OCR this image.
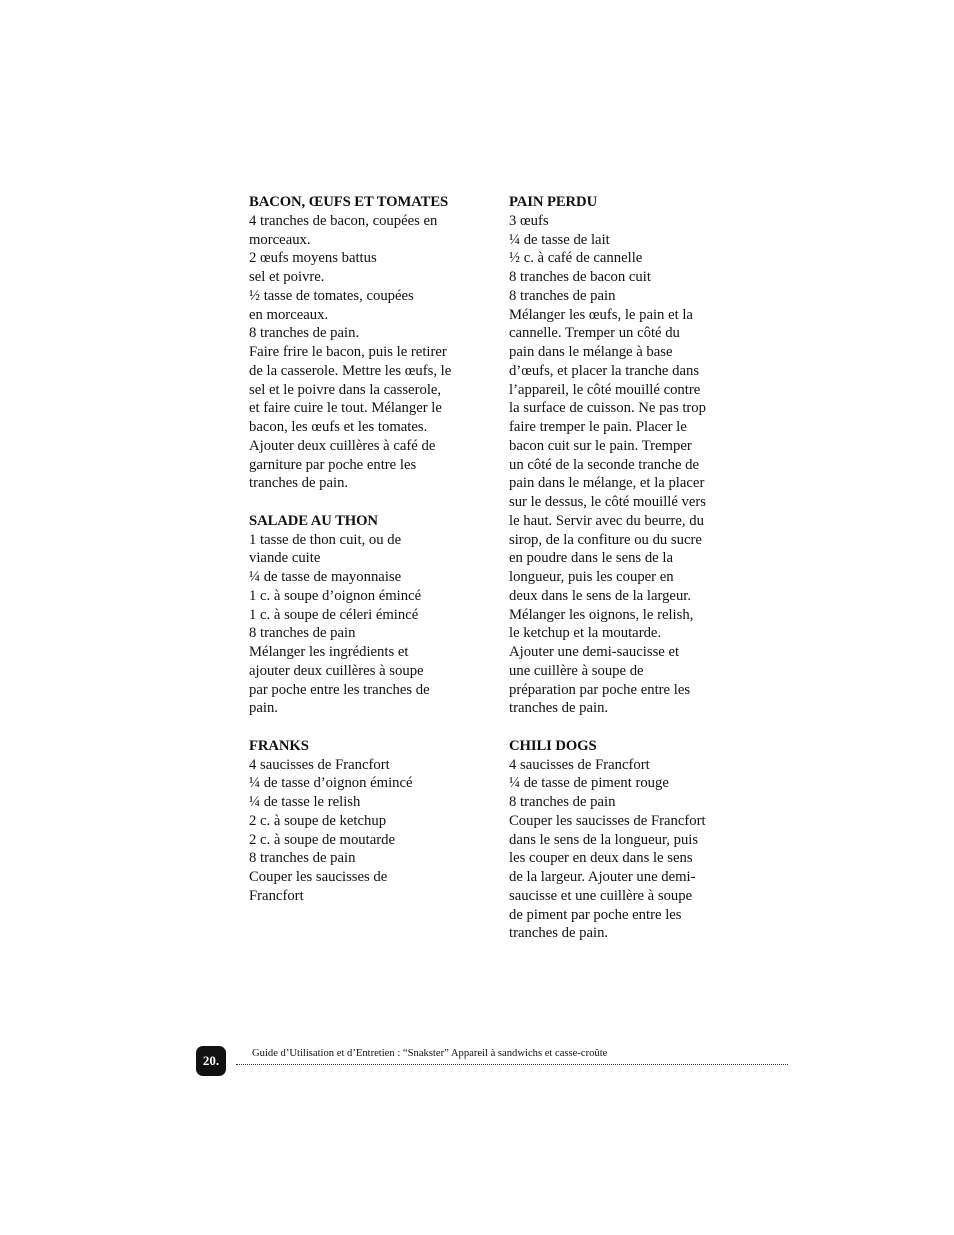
BACON, ŒUFS ET TOMATES
4 tranches de bacon, coupées en
morceaux.
2 œufs moyens battus
sel et poivre.
½ tasse de tomates, coupées
en morceaux.
8 tranches de pain.
Faire frire le bacon, puis le retirer
de la casserole. Mettre les œufs, le
sel et le poivre dans la casserole,
et faire cuire le tout. Mélanger le
bacon, les œufs et les tomates.
Ajouter deux cuillères à café de
garniture par poche entre les
tranches de pain.
SALADE AU THON
1 tasse de thon cuit, ou de
viande cuite
¼ de tasse de mayonnaise
1 c. à soupe d’oignon émincé
1 c. à soupe de céleri émincé
8 tranches de pain
Mélanger les ingrédients et
ajouter deux cuillères à soupe
par poche entre les tranches de
pain.
FRANKS
4 saucisses de Francfort
¼ de tasse d’oignon émincé
¼ de tasse le relish
2 c. à soupe de ketchup
2 c. à soupe de moutarde
8 tranches de pain
Couper les saucisses de
Francfort
PAIN PERDU
3 œufs
¼ de tasse de lait
½ c. à café de cannelle
8 tranches de bacon cuit
8 tranches de pain
Mélanger les œufs, le pain et la
cannelle. Tremper un côté du
pain dans le mélange à base
d’œufs, et placer la tranche dans
l’appareil, le côté mouillé contre
la surface de cuisson. Ne pas trop
faire tremper le pain. Placer le
bacon cuit sur le pain. Tremper
un côté de la seconde tranche de
pain dans le mélange, et la placer
sur le dessus, le côté mouillé vers
le haut. Servir avec du beurre, du
sirop, de la confiture ou du sucre
en poudre dans le sens de la
longueur, puis les couper en
deux dans le sens de la largeur.
Mélanger les oignons, le relish,
le ketchup et la moutarde.
Ajouter une demi-saucisse et
une cuillère à soupe de
préparation par poche entre les
tranches de pain.
CHILI DOGS
4 saucisses de Francfort
¼ de tasse de piment rouge
8 tranches de pain
Couper les saucisses de Francfort
dans le sens de la longueur, puis
les couper en deux dans le sens
de la largeur. Ajouter une demi-
saucisse et une cuillère à soupe
de piment par poche entre les
tranches de pain.
20.	Guide d’Utilisation et d’Entretien : “Snakster” Appareil à sandwichs et casse-croûte
